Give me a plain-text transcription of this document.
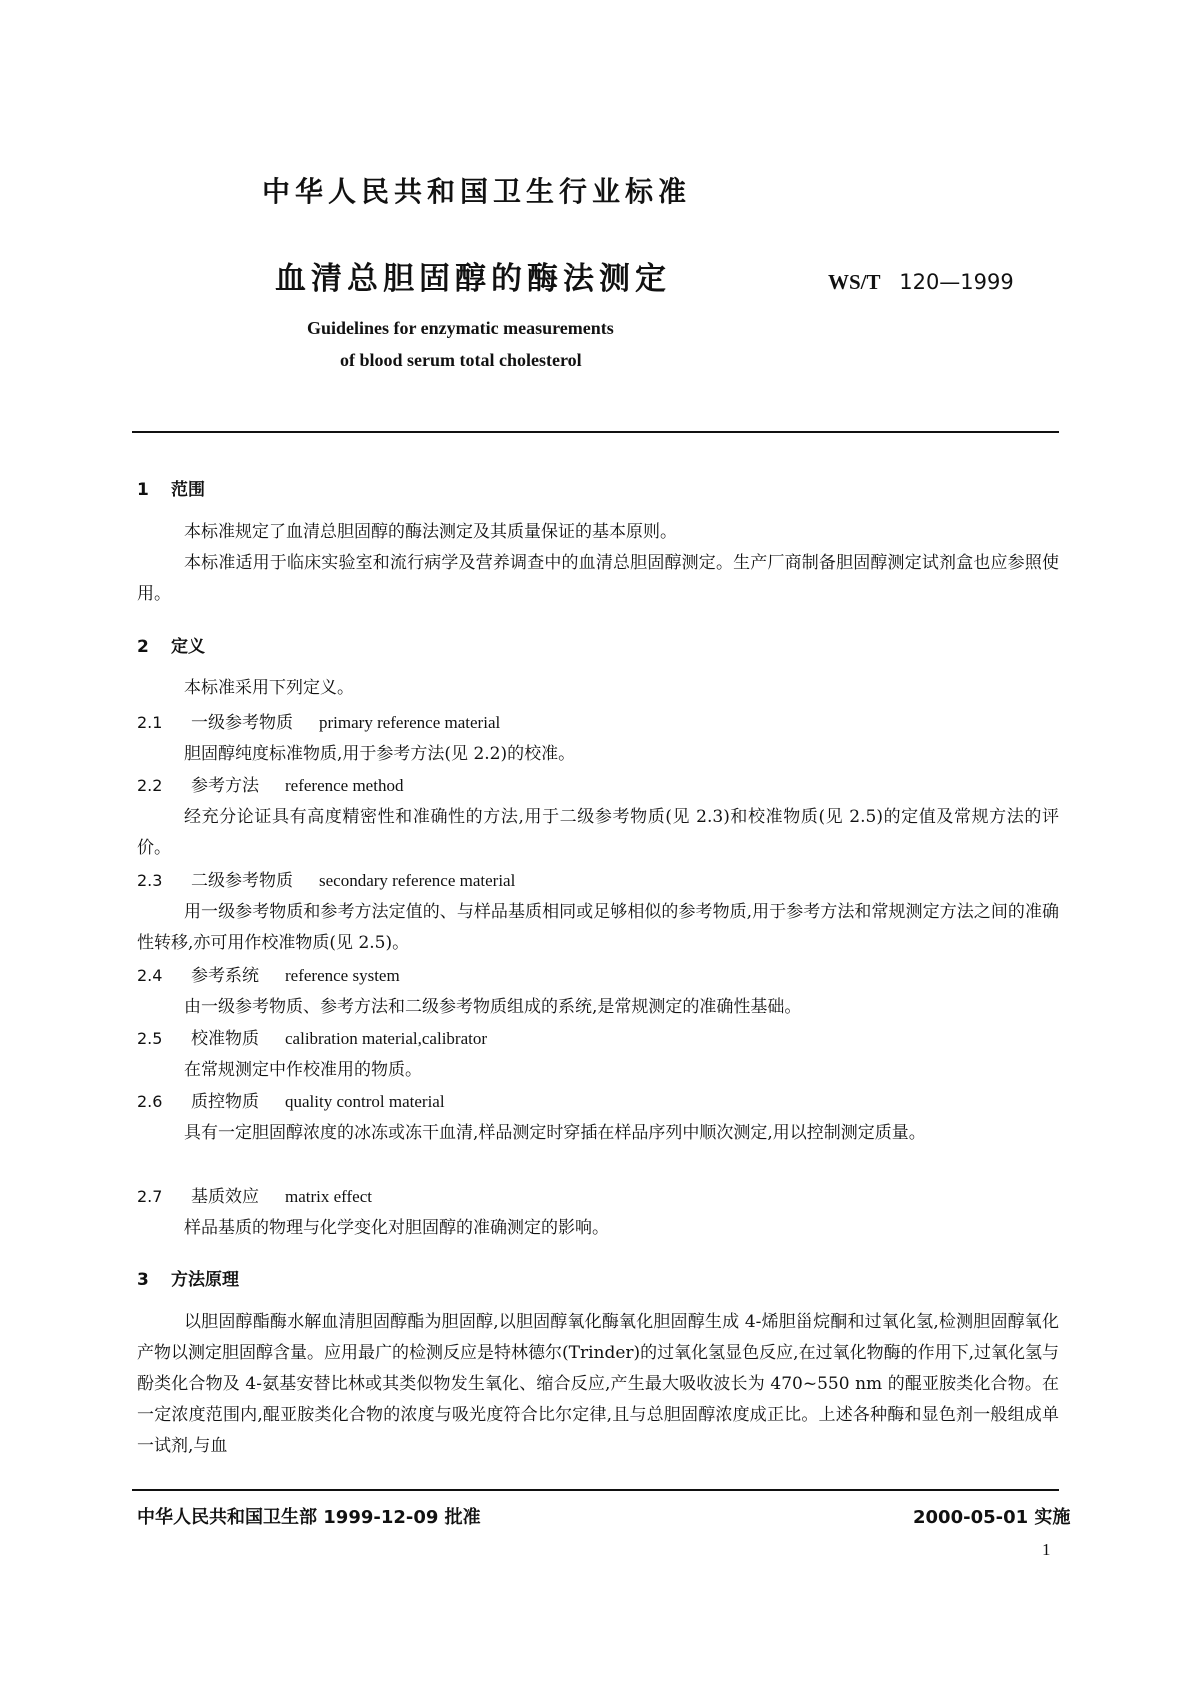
中华人民共和国卫生行业标准
血清总胆固醇的酶法测定	WS/T 120—1999
Guidelines for enzymatic measurements
of blood serum total cholesterol
1 范围
本标准规定了血清总胆固醇的酶法测定及其质量保证的基本原则。
本标准适用于临床实验室和流行病学及营养调查中的血清总胆固醇测定。生产厂商制备胆固醇测定试剂盒也应参照使用。
2 定义
本标准采用下列定义。
2.1 一级参考物质 primary reference material
胆固醇纯度标准物质,用于参考方法(见 2.2)的校准。
2.2 参考方法 reference method
经充分论证具有高度精密性和准确性的方法,用于二级参考物质(见 2.3)和校准物质(见 2.5)的定值及常规方法的评价。
2.3 二级参考物质 secondary reference material
用一级参考物质和参考方法定值的、与样品基质相同或足够相似的参考物质,用于参考方法和常规测定方法之间的准确性转移,亦可用作校准物质(见 2.5)。
2.4 参考系统 reference system
由一级参考物质、参考方法和二级参考物质组成的系统,是常规测定的准确性基础。
2.5 校准物质 calibration material,calibrator
在常规测定中作校准用的物质。
2.6 质控物质 quality control material
具有一定胆固醇浓度的冰冻或冻干血清,样品测定时穿插在样品序列中顺次测定,用以控制测定质量。
2.7 基质效应 matrix effect
样品基质的物理与化学变化对胆固醇的准确测定的影响。
3 方法原理
以胆固醇酯酶水解血清胆固醇酯为胆固醇,以胆固醇氧化酶氧化胆固醇生成 4-烯胆甾烷酮和过氧化氢,检测胆固醇氧化产物以测定胆固醇含量。应用最广的检测反应是特林德尔(Trinder)的过氧化氢显色反应,在过氧化物酶的作用下,过氧化氢与酚类化合物及 4-氨基安替比林或其类似物发生氧化、缩合反应,产生最大吸收波长为 470~550 nm 的醌亚胺类化合物。在一定浓度范围内,醌亚胺类化合物的浓度与吸光度符合比尔定律,且与总胆固醇浓度成正比。上述各种酶和显色剂一般组成单一试剂,与血
中华人民共和国卫生部 1999-12-09 批准	2000-05-01 实施
1
